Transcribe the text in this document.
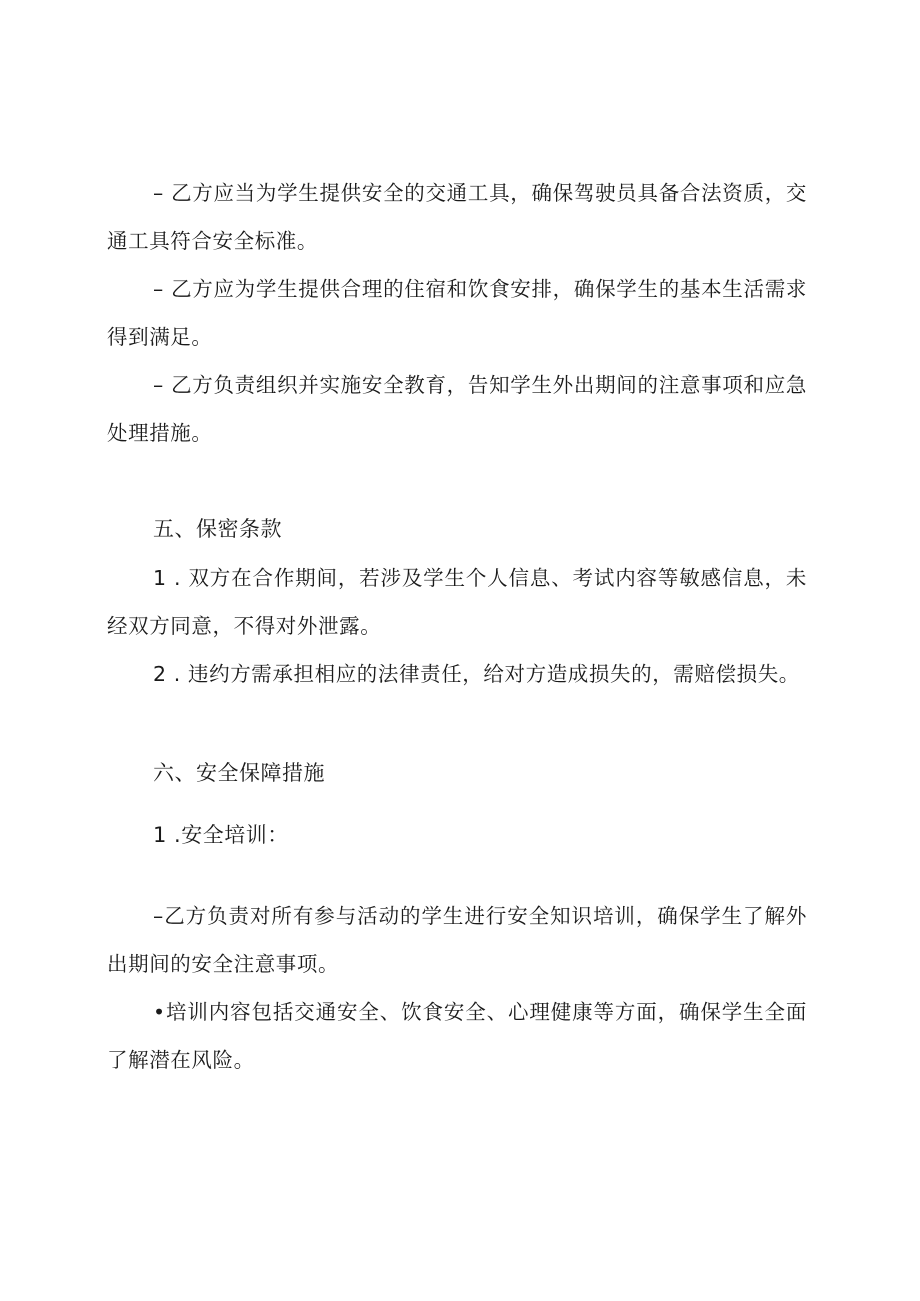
– 乙方应当为学生提供安全的交通工具，确保驾驶员具备合法资质，交通工具符合安全标准。

– 乙方应为学生提供合理的住宿和饮食安排，确保学生的基本生活需求得到满足。

– 乙方负责组织并实施安全教育，告知学生外出期间的注意事项和应急处理措施。

五、保密条款

1 . 双方在合作期间，若涉及学生个人信息、考试内容等敏感信息，未经双方同意，不得对外泄露。

2 . 违约方需承担相应的法律责任，给对方造成损失的，需赔偿损失。

六、安全保障措施
1 .安全培训：

–乙方负责对所有参与活动的学生进行安全知识培训，确保学生了解外出期间的安全注意事项。

•培训内容包括交通安全、饮食安全、心理健康等方面，确保学生全面了解潜在风险。
